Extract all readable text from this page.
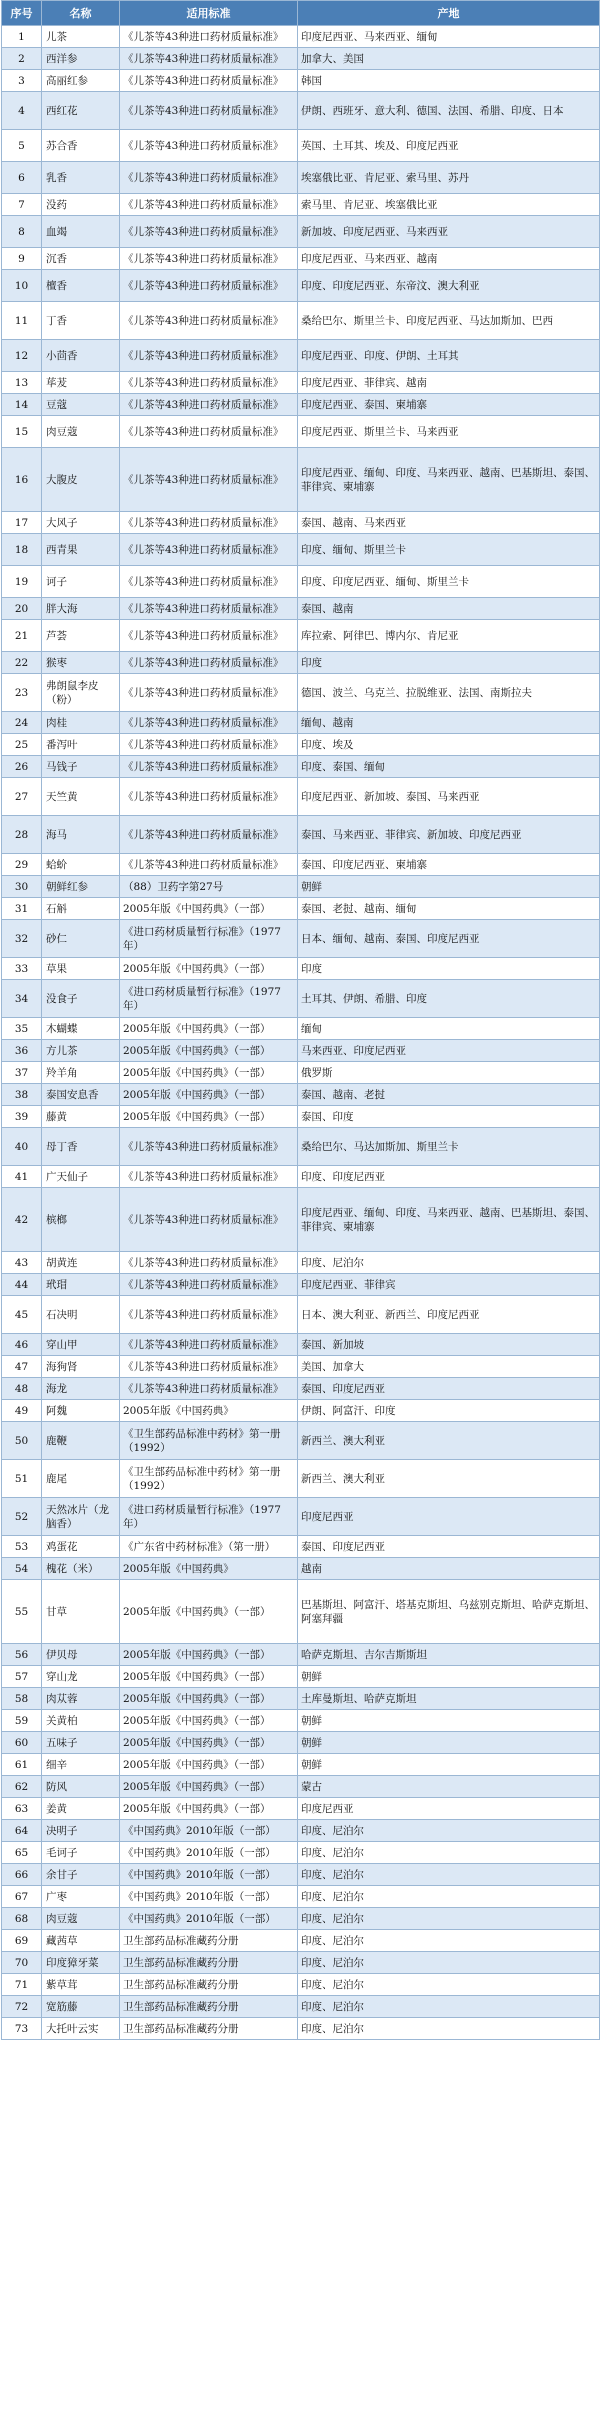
序号	名称	适用标准	产地
1	儿茶	《儿茶等43种进口药材质量标准》	印度尼西亚、马来西亚、缅甸
2	西洋参	《儿茶等43种进口药材质量标准》	加拿大、美国
3	高丽红参	《儿茶等43种进口药材质量标准》	韩国
4	西红花	《儿茶等43种进口药材质量标准》	伊朗、西班牙、意大利、德国、法国、希腊、印度、日本
5	苏合香	《儿茶等43种进口药材质量标准》	英国、土耳其、埃及、印度尼西亚
6	乳香	《儿茶等43种进口药材质量标准》	埃塞俄比亚、肯尼亚、索马里、苏丹
7	没药	《儿茶等43种进口药材质量标准》	索马里、肯尼亚、埃塞俄比亚
8	血竭	《儿茶等43种进口药材质量标准》	新加坡、印度尼西亚、马来西亚
9	沉香	《儿茶等43种进口药材质量标准》	印度尼西亚、马来西亚、越南
10	檀香	《儿茶等43种进口药材质量标准》	印度、印度尼西亚、东帝汶、澳大利亚
11	丁香	《儿茶等43种进口药材质量标准》	桑给巴尔、斯里兰卡、印度尼西亚、马达加斯加、巴西
12	小茴香	《儿茶等43种进口药材质量标准》	印度尼西亚、印度、伊朗、土耳其
13	荜茇	《儿茶等43种进口药材质量标准》	印度尼西亚、菲律宾、越南
14	豆蔻	《儿茶等43种进口药材质量标准》	印度尼西亚、泰国、柬埔寨
15	肉豆蔻	《儿茶等43种进口药材质量标准》	印度尼西亚、斯里兰卡、马来西亚
16	大腹皮	《儿茶等43种进口药材质量标准》	印度尼西亚、缅甸、印度、马来西亚、越南、巴基斯坦、泰国、菲律宾、柬埔寨
17	大风子	《儿茶等43种进口药材质量标准》	泰国、越南、马来西亚
18	西青果	《儿茶等43种进口药材质量标准》	印度、缅甸、斯里兰卡
19	诃子	《儿茶等43种进口药材质量标准》	印度、印度尼西亚、缅甸、斯里兰卡
20	胖大海	《儿茶等43种进口药材质量标准》	泰国、越南
21	芦荟	《儿茶等43种进口药材质量标准》	库拉索、阿律巴、博内尔、肯尼亚
22	猴枣	《儿茶等43种进口药材质量标准》	印度
23	弗朗鼠李皮（粉）	《儿茶等43种进口药材质量标准》	德国、波兰、乌克兰、拉脱维亚、法国、南斯拉夫
24	肉桂	《儿茶等43种进口药材质量标准》	缅甸、越南
25	番泻叶	《儿茶等43种进口药材质量标准》	印度、埃及
26	马钱子	《儿茶等43种进口药材质量标准》	印度、泰国、缅甸
27	天竺黄	《儿茶等43种进口药材质量标准》	印度尼西亚、新加坡、泰国、马来西亚
28	海马	《儿茶等43种进口药材质量标准》	泰国、马来西亚、菲律宾、新加坡、印度尼西亚
29	蛤蚧	《儿茶等43种进口药材质量标准》	泰国、印度尼西亚、柬埔寨
30	朝鲜红参	（88）卫药字第27号	朝鲜
31	石斛	2005年版《中国药典》（一部）	泰国、老挝、越南、缅甸
32	砂仁	《进口药材质量暂行标准》（1977年）	日本、缅甸、越南、泰国、印度尼西亚
33	草果	2005年版《中国药典》（一部）	印度
34	没食子	《进口药材质量暂行标准》（1977年）	土耳其、伊朗、希腊、印度
35	木蝴蝶	2005年版《中国药典》（一部）	缅甸
36	方儿茶	2005年版《中国药典》（一部）	马来西亚、印度尼西亚
37	羚羊角	2005年版《中国药典》（一部）	俄罗斯
38	泰国安息香	2005年版《中国药典》（一部）	泰国、越南、老挝
39	藤黄	2005年版《中国药典》（一部）	泰国、印度
40	母丁香	《儿茶等43种进口药材质量标准》	桑给巴尔、马达加斯加、斯里兰卡
41	广天仙子	《儿茶等43种进口药材质量标准》	印度、印度尼西亚
42	槟榔	《儿茶等43种进口药材质量标准》	印度尼西亚、缅甸、印度、马来西亚、越南、巴基斯坦、泰国、菲律宾、柬埔寨
43	胡黄连	《儿茶等43种进口药材质量标准》	印度、尼泊尔
44	玳瑁	《儿茶等43种进口药材质量标准》	印度尼西亚、菲律宾
45	石决明	《儿茶等43种进口药材质量标准》	日本、澳大利亚、新西兰、印度尼西亚
46	穿山甲	《儿茶等43种进口药材质量标准》	泰国、新加坡
47	海狗肾	《儿茶等43种进口药材质量标准》	美国、加拿大
48	海龙	《儿茶等43种进口药材质量标准》	泰国、印度尼西亚
49	阿魏	2005年版《中国药典》	伊朗、阿富汗、印度
50	鹿鞭	《卫生部药品标准中药材》第一册（1992）	新西兰、澳大利亚
51	鹿尾	《卫生部药品标准中药材》第一册（1992）	新西兰、澳大利亚
52	天然冰片（龙脑香）	《进口药材质量暂行标准》（1977年）	印度尼西亚
53	鸡蛋花	《广东省中药材标准》（第一册）	泰国、印度尼西亚
54	槐花（米）	2005年版《中国药典》	越南
55	甘草	2005年版《中国药典》（一部）	巴基斯坦、阿富汗、塔基克斯坦、乌兹别克斯坦、哈萨克斯坦、阿塞拜疆
56	伊贝母	2005年版《中国药典》（一部）	哈萨克斯坦、吉尔吉斯斯坦
57	穿山龙	2005年版《中国药典》（一部）	朝鲜
58	肉苁蓉	2005年版《中国药典》（一部）	土库曼斯坦、哈萨克斯坦
59	关黄柏	2005年版《中国药典》（一部）	朝鲜
60	五味子	2005年版《中国药典》（一部）	朝鲜
61	细辛	2005年版《中国药典》（一部）	朝鲜
62	防风	2005年版《中国药典》（一部）	蒙古
63	姜黄	2005年版《中国药典》（一部）	印度尼西亚
64	决明子	《中国药典》2010年版（一部）	印度、尼泊尔
65	毛诃子	《中国药典》2010年版（一部）	印度、尼泊尔
66	余甘子	《中国药典》2010年版（一部）	印度、尼泊尔
67	广枣	《中国药典》2010年版（一部）	印度、尼泊尔
68	肉豆蔻	《中国药典》2010年版（一部）	印度、尼泊尔
69	藏茜草	卫生部药品标准藏药分册	印度、尼泊尔
70	印度獐牙菜	卫生部药品标准藏药分册	印度、尼泊尔
71	紫草茸	卫生部药品标准藏药分册	印度、尼泊尔
72	宽筋藤	卫生部药品标准藏药分册	印度、尼泊尔
73	大托叶云实	卫生部药品标准藏药分册	印度、尼泊尔
